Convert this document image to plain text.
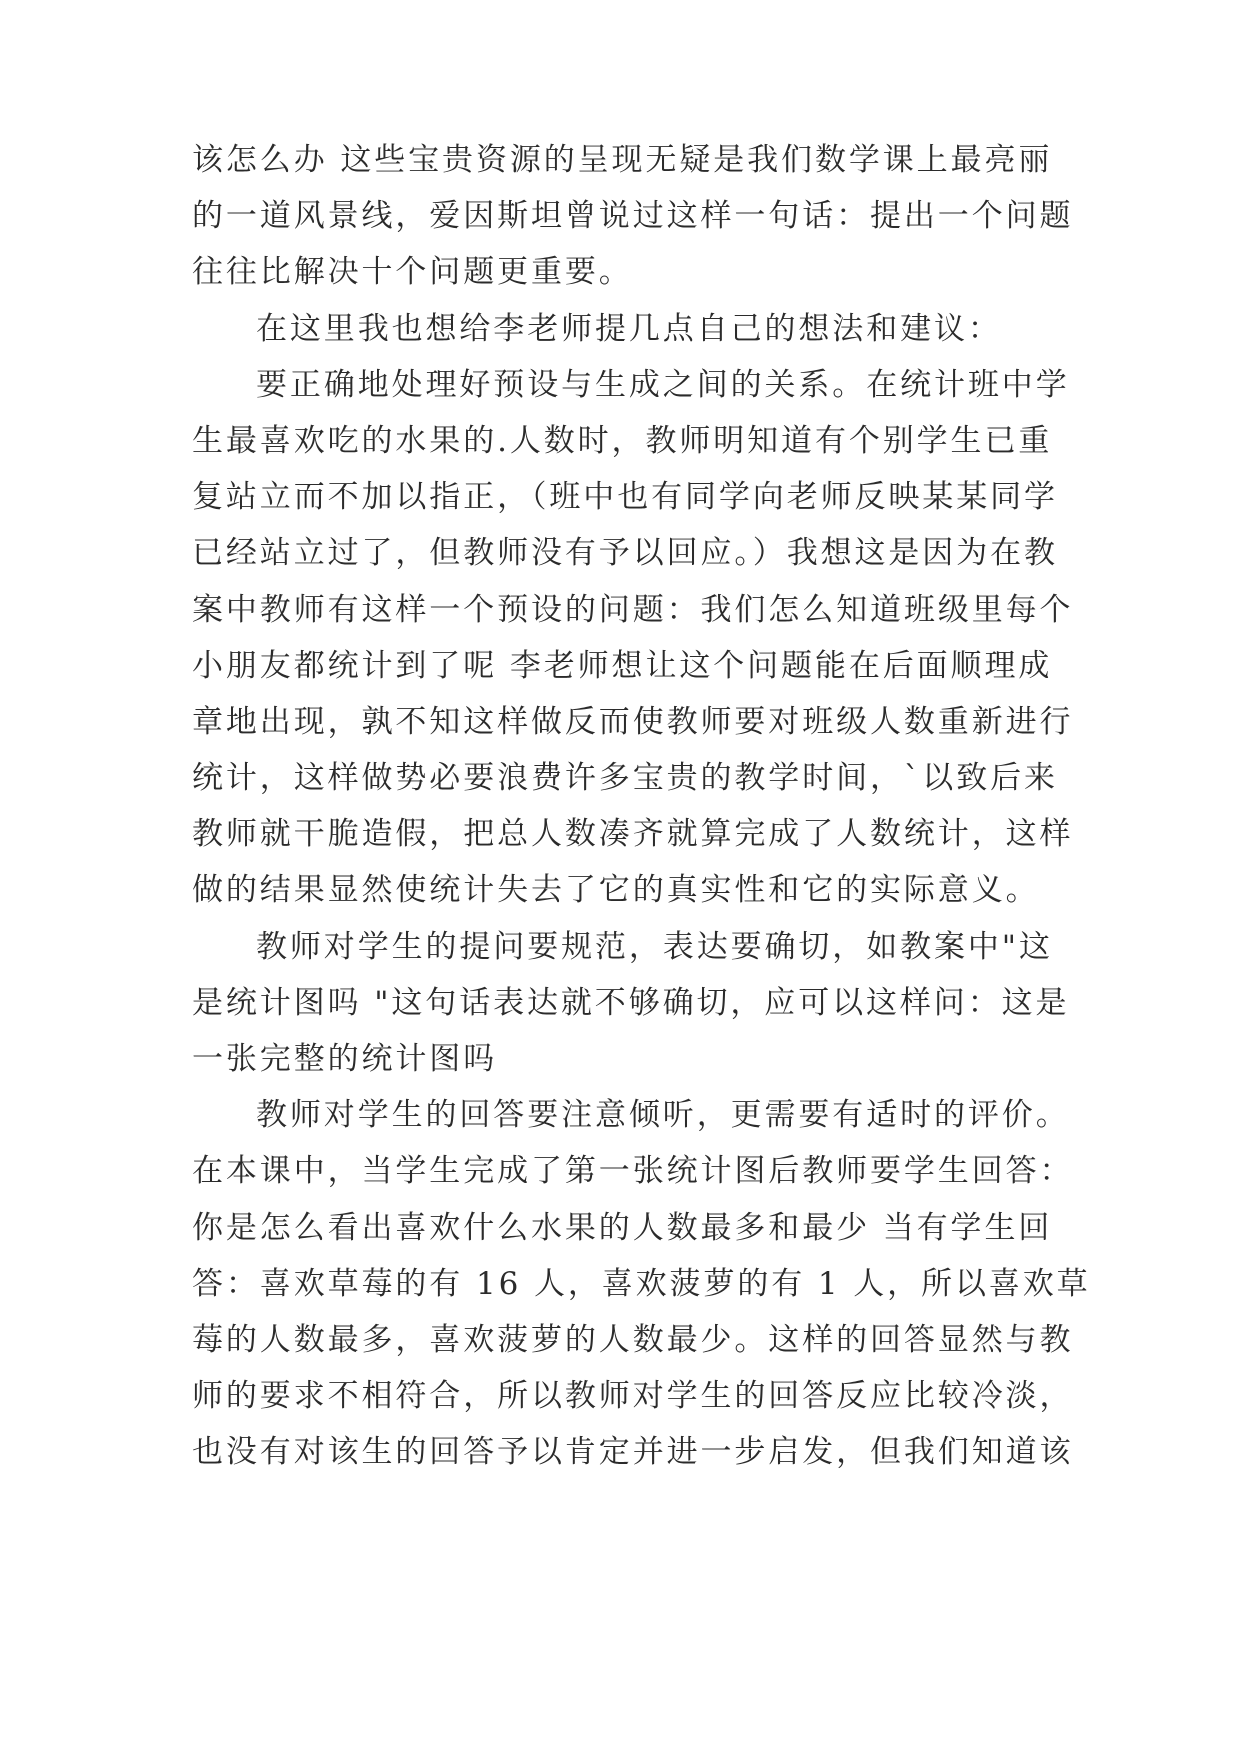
该怎么办 这些宝贵资源的呈现无疑是我们数学课上最亮丽
的一道风景线，爱因斯坦曾说过这样一句话：提出一个问题
往往比解决十个问题更重要。
在这里我也想给李老师提几点自己的想法和建议：
要正确地处理好预设与生成之间的关系。在统计班中学
生最喜欢吃的水果的.人数时，教师明知道有个别学生已重
复站立而不加以指正，（班中也有同学向老师反映某某同学
已经站立过了，但教师没有予以回应。）我想这是因为在教
案中教师有这样一个预设的问题：我们怎么知道班级里每个
小朋友都统计到了呢 李老师想让这个问题能在后面顺理成
章地出现，孰不知这样做反而使教师要对班级人数重新进行
统计，这样做势必要浪费许多宝贵的教学时间，`以致后来
教师就干脆造假，把总人数凑齐就算完成了人数统计，这样
做的结果显然使统计失去了它的真实性和它的实际意义。
教师对学生的提问要规范，表达要确切，如教案中"这
是统计图吗 "这句话表达就不够确切，应可以这样问：这是
一张完整的统计图吗
教师对学生的回答要注意倾听，更需要有适时的评价。
在本课中，当学生完成了第一张统计图后教师要学生回答：
你是怎么看出喜欢什么水果的人数最多和最少 当有学生回
答：喜欢草莓的有 16 人，喜欢菠萝的有 1 人，所以喜欢草
莓的人数最多，喜欢菠萝的人数最少。这样的回答显然与教
师的要求不相符合，所以教师对学生的回答反应比较冷淡，
也没有对该生的回答予以肯定并进一步启发，但我们知道该
